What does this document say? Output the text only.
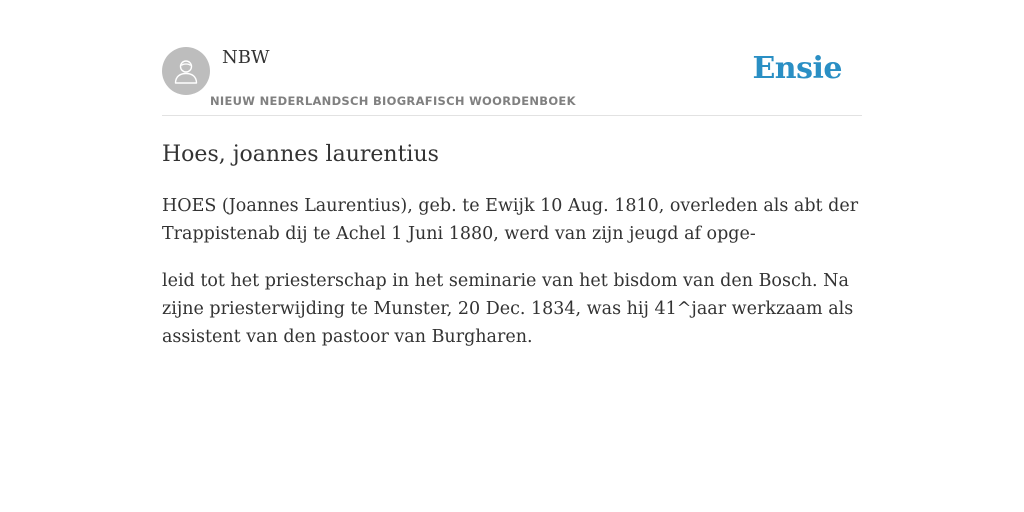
NBW
NIEUW NEDERLANDSCH BIOGRAFISCH WOORDENBOEK
Ensie
Hoes, joannes laurentius

HOES (Joannes Laurentius), geb. te Ewijk 10 Aug. 1810, overleden als abt der Trappistenab dij te Achel 1 Juni 1880, werd van zijn jeugd af opge-

leid tot het priesterschap in het seminarie van het bisdom van den Bosch. Na zijne priesterwijding te Munster, 20 Dec. 1834, was hij 41^jaar werkzaam als assistent van den pastoor van Burgharen.
